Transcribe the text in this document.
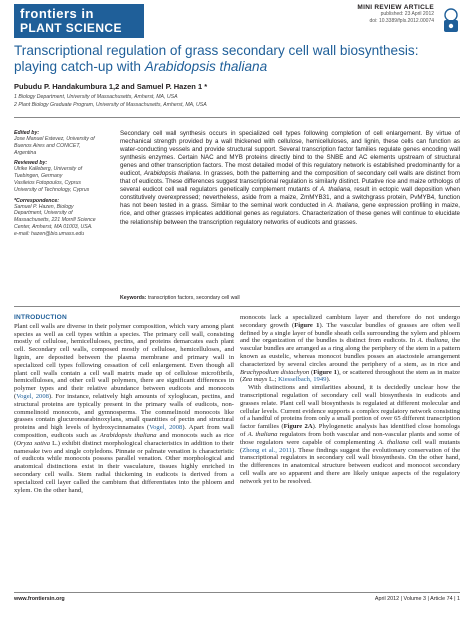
frontiers in
PLANT SCIENCE
MINI REVIEW ARTICLE
published: 23 April 2012
doi: 10.3389/fpls.2012.00074
Transcriptional regulation of grass secondary cell wall biosynthesis: playing catch-up with Arabidopsis thaliana
Pubudu P. Handakumbura 1,2 and Samuel P. Hazen 1 *
1 Biology Department, University of Massachusetts, Amherst, MA, USA
2 Plant Biology Graduate Program, University of Massachusetts, Amherst, MA, USA
Edited by:
Jose Manuel Estevez, University of
Buenos Aires and CONICET,
Argentina
Reviewed by:
Ulrike Kalleberg, University of
Tuebingen, Germany
Vasileios Fotopoulos, Cyprus
University of Technology, Cyprus
*Correspondence:
Samuel P. Hazen, Biology
Department, University of
Massachusetts, 221 Morrill Science
Center, Amherst, MA 01003, USA.
e-mail: hazen@bio.umass.edu
Secondary cell wall synthesis occurs in specialized cell types following completion of cell enlargement. By virtue of mechanical strength provided by a wall thickened with cellulose, hemicelluloses, and lignin, these cells can function as water-conducting vessels and provide structural support. Several transcription factor families regulate genes encoding wall synthesis enzymes. Certain NAC and MYB proteins directly bind to the SNBE and AC elements upstream of structural genes and other transcription factors. The most detailed model of this regulatory network is established predominantly for a eudicot, Arabidopsis thaliana. In grasses, both the patterning and the composition of secondary cell walls are distinct from that of eudicots. These differences suggest transcriptional regulation is similarly distinct. Putative rice and maize orthologs of several eudicot cell wall regulators genetically complement mutants of A. thaliana, result in ectopic wall deposition when constitutively overexpressed; nevertheless, aside from a maize, ZmMYB31, and a switchgrass protein, PvMYB4, function has not been tested in a grass. Similar to the seminal work conducted in A. thaliana, gene expression profiling in maize, rice, and other grasses implicates additional genes as regulators. Characterization of these genes will continue to elucidate the relationship between the transcription regulatory networks of eudicots and grasses.
Keywords: transcription factors, secondary cell wall
INTRODUCTION
Plant cell walls are diverse in their polymer composition, which vary among plant species as well as cell types within a species. The primary cell wall, consisting mostly of cellulose, hemicelluloses, pectins, and proteins demarcates each plant cell. Secondary cell walls, composed mostly of cellulose, hemicelluloses, and lignin, are deposited between the plasma membrane and primary wall in specialized cell types following cessation of cell enlargement. Even though all plant cell walls contain a cell wall matrix made up of cellulose microfibrils, hemicelluloses, and other cell wall polymers, there are significant differences in polymer types and their relative abundance between eudicots and monocots (Vogel, 2008). For instance, relatively high amounts of xyloglucan, pectins, and structural proteins are typically present in the primary walls of eudicots, non-commelinoid monocots, and gymnosperms. The commelinoid monocots like grasses contain glucuronoarabinoxylans, small quantities of pectin and structural proteins and high levels of hydroxycinnamates (Vogel, 2008). Apart from wall composition, eudicots such as Arabidopsis thaliana and monocots such as rice (Oryza sativa L.) exhibit distinct morphological characteristics in addition to their namesake two and single cotyledons. Pinnate or palmate venation is characteristic of eudicots while monocots possess parallel venation. Other morphological and anatomical distinctions exist in their vasculature, tissues highly enriched in secondary cell walls. Stem radial thickening in eudicots is derived from a specialized cell layer called the cambium that differentiates into the phloem and xylem. On the other hand,
monocots lack a specialized cambium layer and therefore do not undergo secondary growth (Figure 1). The vascular bundles of grasses are often well defined by a single layer of bundle sheath cells surrounding the xylem and phloem and the organization of the bundles is distinct from eudicots. In A. thaliana, the vascular bundles are arranged as a ring along the periphery of the stem in a pattern known as eustelic, whereas monocot bundles posses an atactostele arrangement characterized by several circles around the periphery of a stem, as in rice and Brachypodium distachyon (Figure 1), or scattered throughout the stem as in maize (Zea mays L.; Kiesselbach, 1949).
With distinctions and similarities abound, it is decidedly unclear how the transcriptional regulation of secondary cell wall biosynthesis in eudicots and grasses relate. Plant cell wall biosynthesis is regulated at different molecular and cellular levels. Current evidence supports a complex regulatory network consisting of a handful of proteins from only a small portion of over 65 different transcription factor families (Figure 2A). Phylogenetic analysis has identified close homologs of A. thaliana regulators from both vascular and non-vascular plants and some of those regulators were capable of complementing A. thaliana cell wall mutants (Zhong et al., 2011). These findings suggest the evolutionary conservation of the transcriptional regulators in secondary cell wall biosynthesis. On the other hand, the differences in anatomical structure between eudicot and monocot secondary cell walls are so apparent and there are likely unique aspects of the regulatory network yet to be resolved.
www.frontiersin.org	April 2012 | Volume 3 | Article 74 | 1
